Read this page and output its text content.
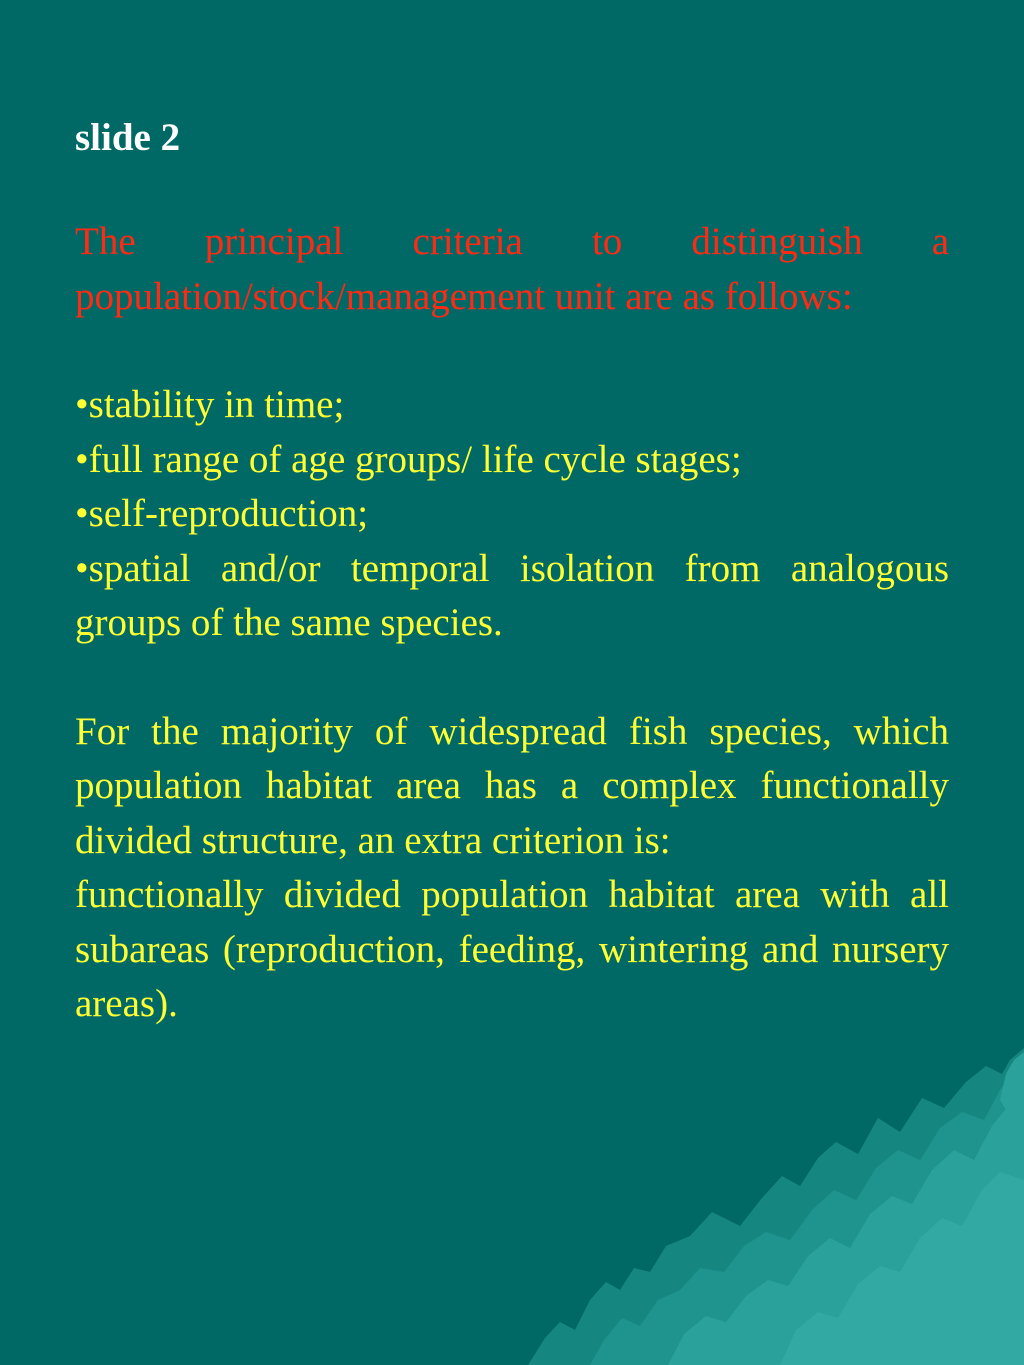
slide 2

The principal criteria to distinguish a population/stock/management unit are as follows:

• stability in time;
• full range of age groups/ life cycle stages;
• self-reproduction;
• spatial and/or temporal isolation from analogous groups of the same species.

For the majority of widespread fish species, which population habitat area has a complex functionally divided structure, an extra criterion is:

functionally divided population habitat area with all subareas (reproduction, feeding, wintering and nursery areas).
